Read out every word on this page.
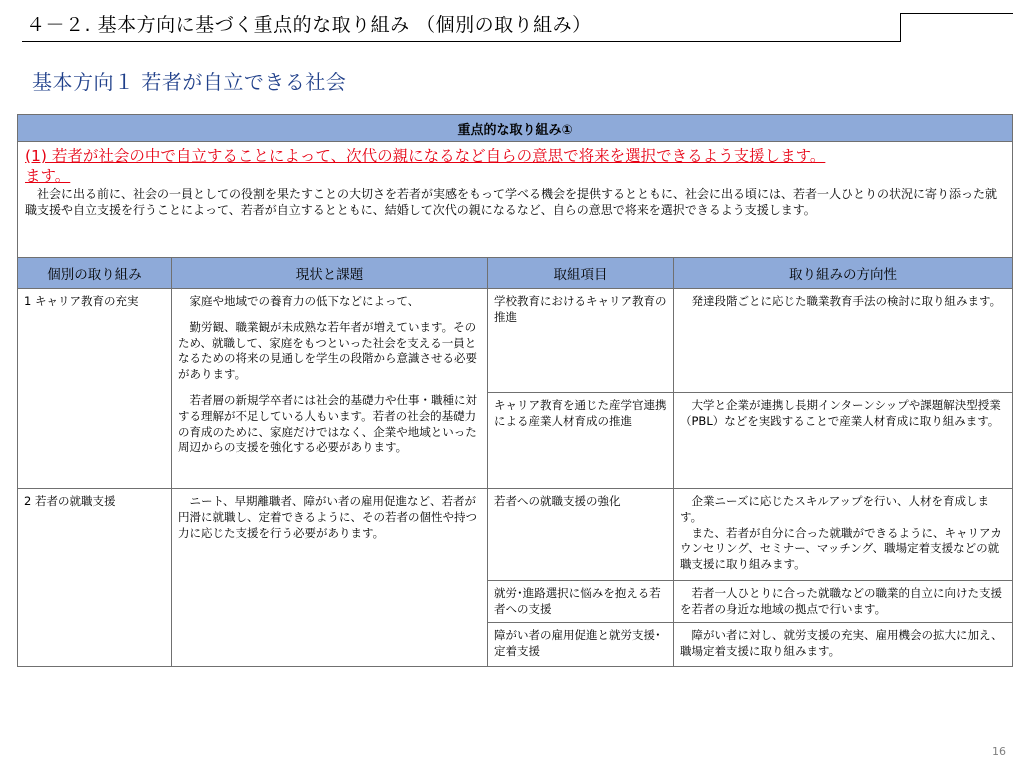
４－２. 基本方向に基づく重点的な取り組み （個別の取り組み）
基本方向１ 若者が自立できる社会
重点的な取り組み①			

(1) 若者が社会の中で自立することによって、次代の親になるなど自らの意思で将来を選択できるよう支援します。
ます。
社会に出る前に、社会の一員としての役割を果たすことの大切さを若者が実感をもって学べる機会を提供するとともに、社会に出る頃には、若者一人ひとりの状況に寄り添った就職支援や自立支援を行うことによって、若者が自立するとともに、結婚して次代の親になるなど、自らの意思で将来を選択できるよう支援します。			

個別の取り組み	現状と課題	取組項目	取り組みの方向性
1 キャリア教育の充実	家庭や地域での養育力の低下などによって、

勤労観、職業観が未成熟な若年者が増えています。そのため、就職して、家庭をもつといった社会を支える一員となるための将来の見通しを学生の段階から意識させる必要があります。

若者層の新規学卒者には社会的基礎力や仕事・職種に対する理解が不足している人もいます。若者の社会的基礎力の育成のために、家庭だけではなく、企業や地域といった周辺からの支援を強化する必要があります。	学校教育におけるキャリア教育の推進	発達段階ごとに応じた職業教育手法の検討に取り組みます。

		キャリア教育を通じた産学官連携による産業人材育成の推進	大学と企業が連携し長期インターンシップや課題解決型授業（PBL）などを実践することで産業人材育成に取り組みます。

2 若者の就職支援	ニート、早期離職者、障がい者の雇用促進など、若者が円滑に就職し、定着できるように、その若者の個性や持つ力に応じた支援を行う必要があります。	若者への就職支援の強化	企業ニーズに応じたスキルアップを行い、人材を育成します。

また、若者が自分に合った就職ができるように、キャリアカウンセリング、セミナー、マッチング、職場定着支援などの就職支援に取り組みます。

		就労･進路選択に悩みを抱える若者への支援	若者一人ひとりに合った就職などの職業的自立に向けた支援を若者の身近な地域の拠点で行います。

		障がい者の雇用促進と就労支援･定着支援	障がい者に対し、就労支援の充実、雇用機会の拡大に加え、職場定着支援に取り組みます。

16
